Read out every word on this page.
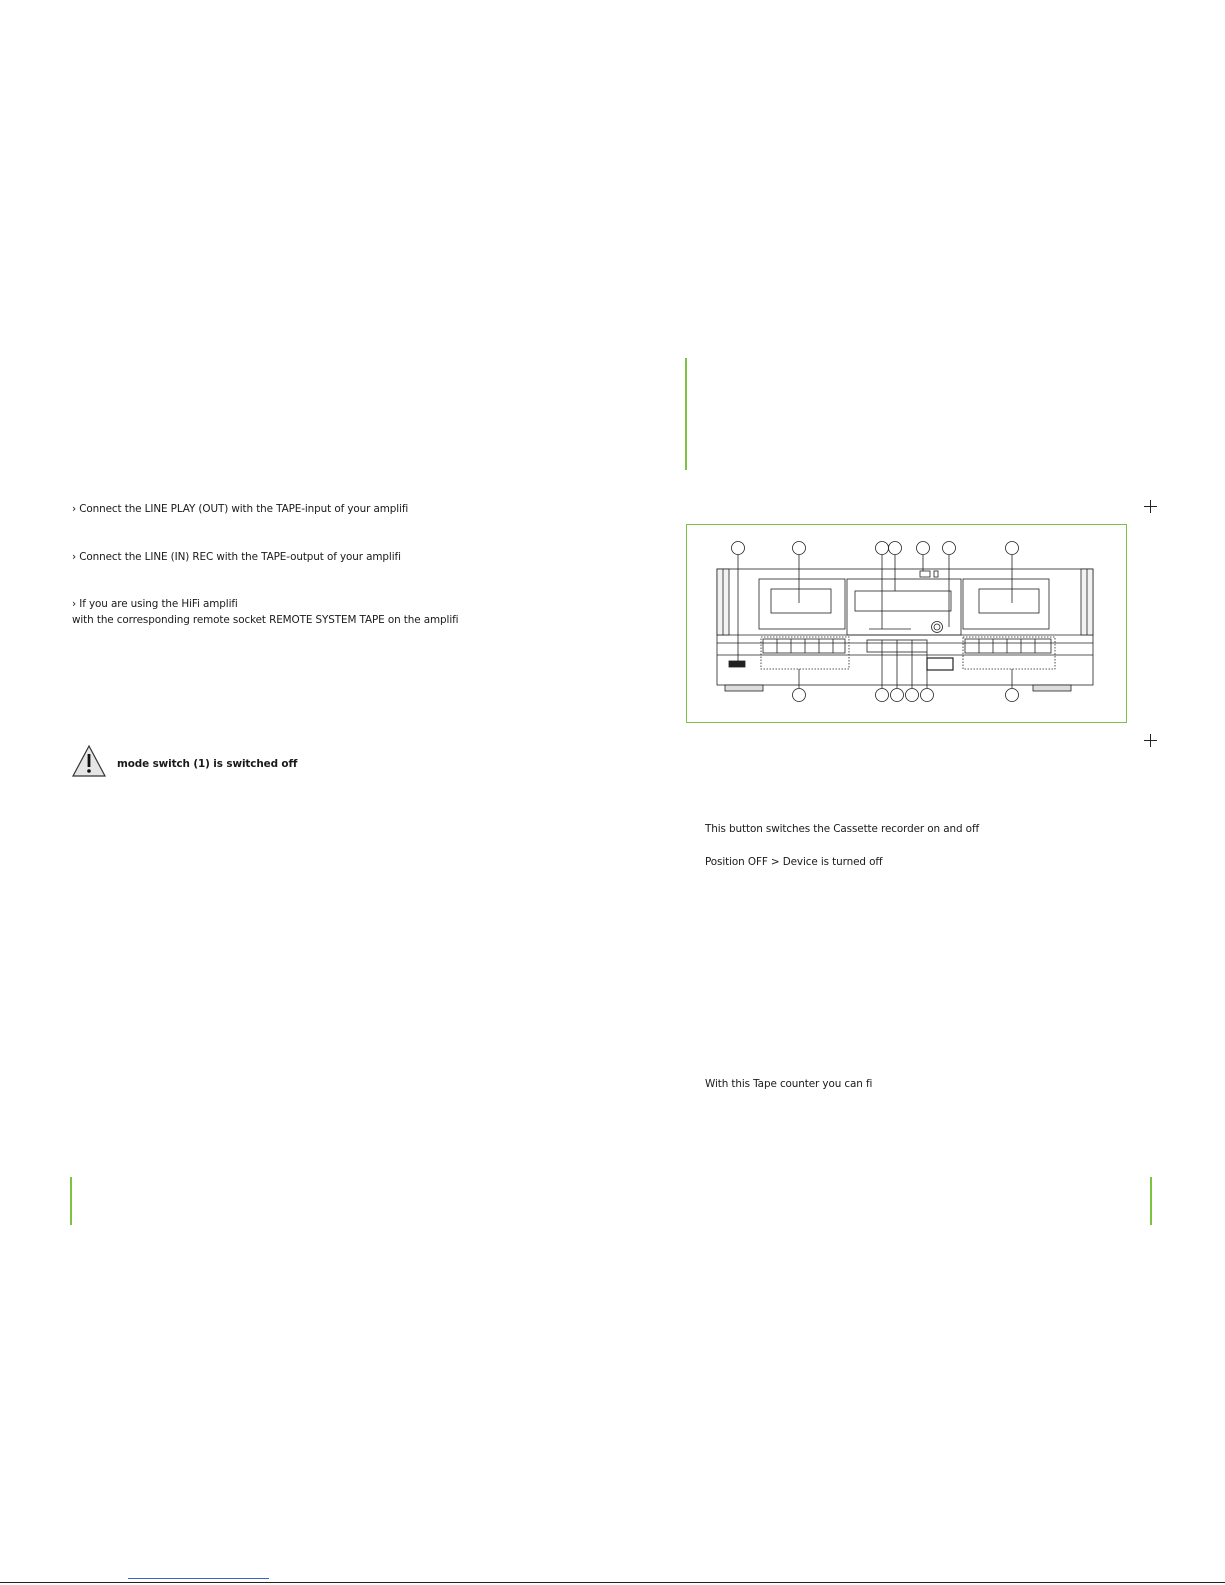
› Connect the LINE PLAY (OUT) with the TAPE-input of your amplifi
› Connect the LINE (IN) REC with the TAPE-output of your amplifi
› If you are using the HiFi amplifi
with the corresponding remote socket REMOTE SYSTEM TAPE on the amplifi
mode switch (1) is switched off
This button switches the Cassette recorder on and off
Position OFF > Device is turned off
With this Tape counter you can fi
